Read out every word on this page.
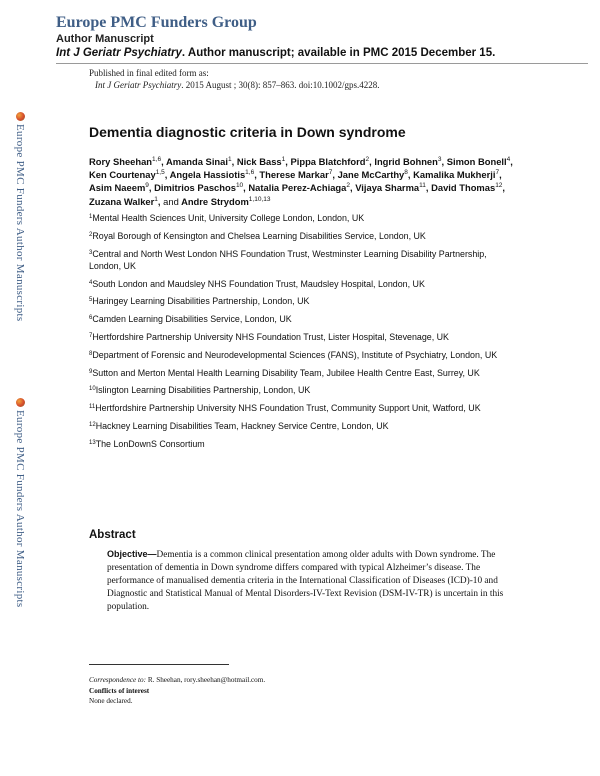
Europe PMC Funders Group
Author Manuscript
Int J Geriatr Psychiatry. Author manuscript; available in PMC 2015 December 15.
Published in final edited form as:
Int J Geriatr Psychiatry. 2015 August ; 30(8): 857–863. doi:10.1002/gps.4228.
Europe PMC Funders Author Manuscripts
Europe PMC Funders Author Manuscripts
Dementia diagnostic criteria in Down syndrome
Rory Sheehan$^{1,6}$, Amanda Sinai$^1$, Nick Bass$^1$, Pippa Blatchford$^2$, Ingrid Bohnen$^3$, Simon Bonell$^4$, Ken Courtenay$^{1,5}$, Angela Hassiotis$^{1,6}$, Therese Markar$^7$, Jane McCarthy$^8$, Kamalika Mukherji$^7$, Asim Naeem$^9$, Dimitrios Paschos$^{10}$, Natalia Perez-Achiaga$^2$, Vijaya Sharma$^{11}$, David Thomas$^{12}$, Zuzana Walker$^1$, and Andre Strydom$^{1,10,13}$
$^1$Mental Health Sciences Unit, University College London, London, UK
$^2$Royal Borough of Kensington and Chelsea Learning Disabilities Service, London, UK
$^3$Central and North West London NHS Foundation Trust, Westminster Learning Disability Partnership, London, UK
$^4$South London and Maudsley NHS Foundation Trust, Maudsley Hospital, London, UK
$^5$Haringey Learning Disabilities Partnership, London, UK
$^6$Camden Learning Disabilities Service, London, UK
$^7$Hertfordshire Partnership University NHS Foundation Trust, Lister Hospital, Stevenage, UK
$^8$Department of Forensic and Neurodevelopmental Sciences (FANS), Institute of Psychiatry, London, UK
$^9$Sutton and Merton Mental Health Learning Disability Team, Jubilee Health Centre East, Surrey, UK
$^{10}$Islington Learning Disabilities Partnership, London, UK
$^{11}$Hertfordshire Partnership University NHS Foundation Trust, Community Support Unit, Watford, UK
$^{12}$Hackney Learning Disabilities Team, Hackney Service Centre, London, UK
$^{13}$The LonDownS Consortium
Abstract
Objective—Dementia is a common clinical presentation among older adults with Down syndrome. The presentation of dementia in Down syndrome differs compared with typical Alzheimer’s disease. The performance of manualised dementia criteria in the International Classification of Diseases (ICD)-10 and Diagnostic and Statistical Manual of Mental Disorders-IV-Text Revision (DSM-IV-TR) is uncertain in this population.
Correspondence to: R. Sheehan, rory.sheehan@hotmail.com.
Conflicts of interest
None declared.
